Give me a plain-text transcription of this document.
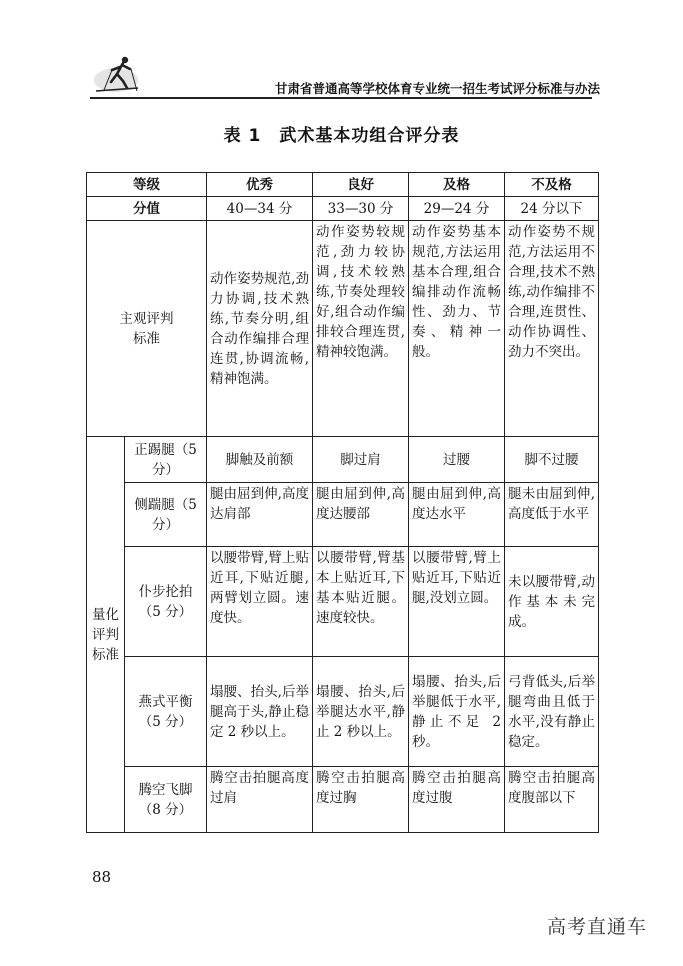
甘肃省普通高等学校体育专业统一招生考试评分标准与办法
表 1　武术基本功组合评分表
等级		优秀	良好	及格	不及格
分值		40—34 分	33—30 分	29—24 分	24 分以下
主观评判标准		动作姿势规范,劲力协调,技术熟练,节奏分明,组合动作编排合理连贯,协调流畅,精神饱满。	动作姿势较规范,劲力较协调,技术较熟练,节奏处理较好,组合动作编排较合理连贯,精神较饱满。	动作姿势基本规范,方法运用基本合理,组合编排动作流畅性、劲力、节奏、精神一般。	动作姿势不规范,方法运用不合理,技术不熟练,动作编排不合理,连贯性、动作协调性、劲力不突出。
量化评判标准	正踢腿（5 分）	脚触及前额	脚过肩	过腰	脚不过腰
	侧踹腿（5 分）	腿由屈到伸,高度达肩部	腿由屈到伸,高度达腰部	腿由屈到伸,高度达水平	腿未由屈到伸,高度低于水平
	仆步抡拍（5 分）	以腰带臂,臂上贴近耳,下贴近腿,两臂划立圆。速度快。	以腰带臂,臂基本上贴近耳,下基本贴近腿。速度较快。	以腰带臂,臂上贴近耳,下贴近腿,没划立圆。	未以腰带臂,动作基本未完成。
	燕式平衡（5 分）	塌腰、抬头,后举腿高于头,静止稳定 2 秒以上。	塌腰、抬头,后举腿达水平,静止 2 秒以上。	塌腰、抬头,后举腿低于水平,静止不足 2 秒。	弓背低头,后举腿弯曲且低于水平,没有静止稳定。
	腾空飞脚（8 分）	腾空击拍腿高度过肩	腾空击拍腿高度过胸	腾空击拍腿高度过腹	腾空击拍腿高度腹部以下
88
高考直通车
